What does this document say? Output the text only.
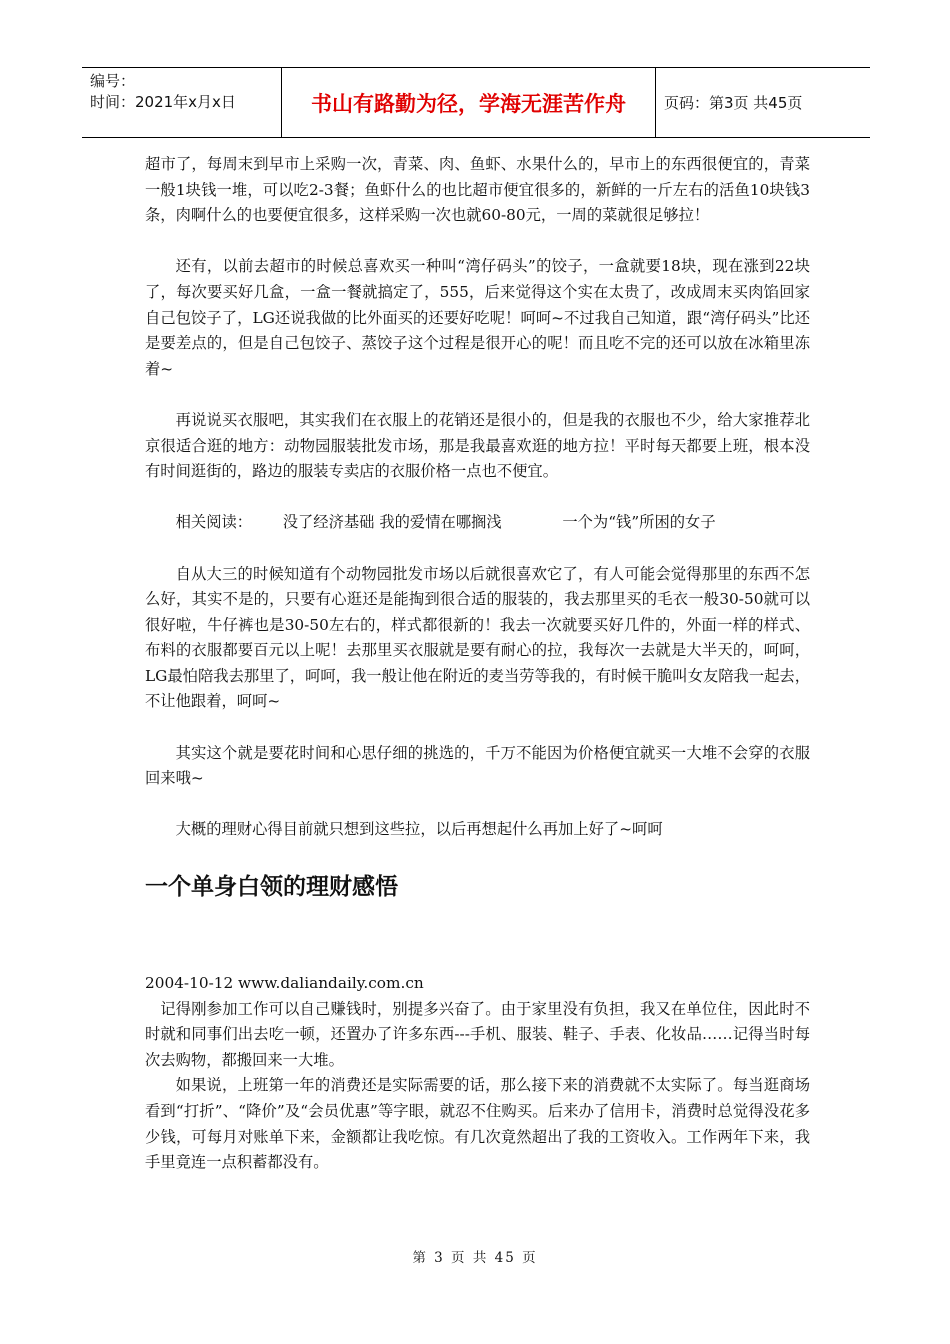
编号：
时间：2021年x月x日	书山有路勤为径，学海无涯苦作舟	页码：第3页 共45页

超市了，每周末到早市上采购一次，青菜、肉、鱼虾、水果什么的，早市上的东西很便宜的，青菜一般1块钱一堆，可以吃2-3餐；鱼虾什么的也比超市便宜很多的，新鲜的一斤左右的活鱼10块钱3条，肉啊什么的也要便宜很多，这样采购一次也就60-80元，一周的菜就很足够拉！

还有，以前去超市的时候总喜欢买一种叫“湾仔码头”的饺子，一盒就要18块，现在涨到22块了，每次要买好几盒，一盒一餐就搞定了，555，后来觉得这个实在太贵了，改成周末买肉馅回家自己包饺子了，LG还说我做的比外面买的还要好吃呢！呵呵~不过我自己知道，跟“湾仔码头”比还是要差点的，但是自己包饺子、蒸饺子这个过程是很开心的呢！而且吃不完的还可以放在冰箱里冻着~

再说说买衣服吧，其实我们在衣服上的花销还是很小的，但是我的衣服也不少，给大家推荐北京很适合逛的地方：动物园服装批发市场，那是我最喜欢逛的地方拉！平时每天都要上班，根本没有时间逛街的，路边的服装专卖店的衣服价格一点也不便宜。

相关阅读：	没了经济基础 我的爱情在哪搁浅	一个为“钱”所困的女子

自从大三的时候知道有个动物园批发市场以后就很喜欢它了，有人可能会觉得那里的东西不怎么好，其实不是的，只要有心逛还是能掏到很合适的服装的，我去那里买的毛衣一般30-50就可以很好啦，牛仔裤也是30-50左右的，样式都很新的！我去一次就要买好几件的，外面一样的样式、布料的衣服都要百元以上呢！去那里买衣服就是要有耐心的拉，我每次一去就是大半天的，呵呵，LG最怕陪我去那里了，呵呵，我一般让他在附近的麦当劳等我的，有时候干脆叫女友陪我一起去，不让他跟着，呵呵~

其实这个就是要花时间和心思仔细的挑选的，千万不能因为价格便宜就买一大堆不会穿的衣服回来哦~

大概的理财心得目前就只想到这些拉，以后再想起什么再加上好了~呵呵

一个单身白领的理财感悟

2004-10-12 www.daliandaily.com.cn

记得刚参加工作可以自己赚钱时，别提多兴奋了。由于家里没有负担，我又在单位住，因此时不时就和同事们出去吃一顿，还置办了许多东西---手机、服装、鞋子、手表、化妆品……记得当时每次去购物，都搬回来一大堆。

如果说，上班第一年的消费还是实际需要的话，那么接下来的消费就不太实际了。每当逛商场看到“打折”、“降价”及“会员优惠”等字眼，就忍不住购买。后来办了信用卡，消费时总觉得没花多少钱，可每月对账单下来，金额都让我吃惊。有几次竟然超出了我的工资收入。工作两年下来，我手里竟连一点积蓄都没有。

第 3 页 共 45 页
